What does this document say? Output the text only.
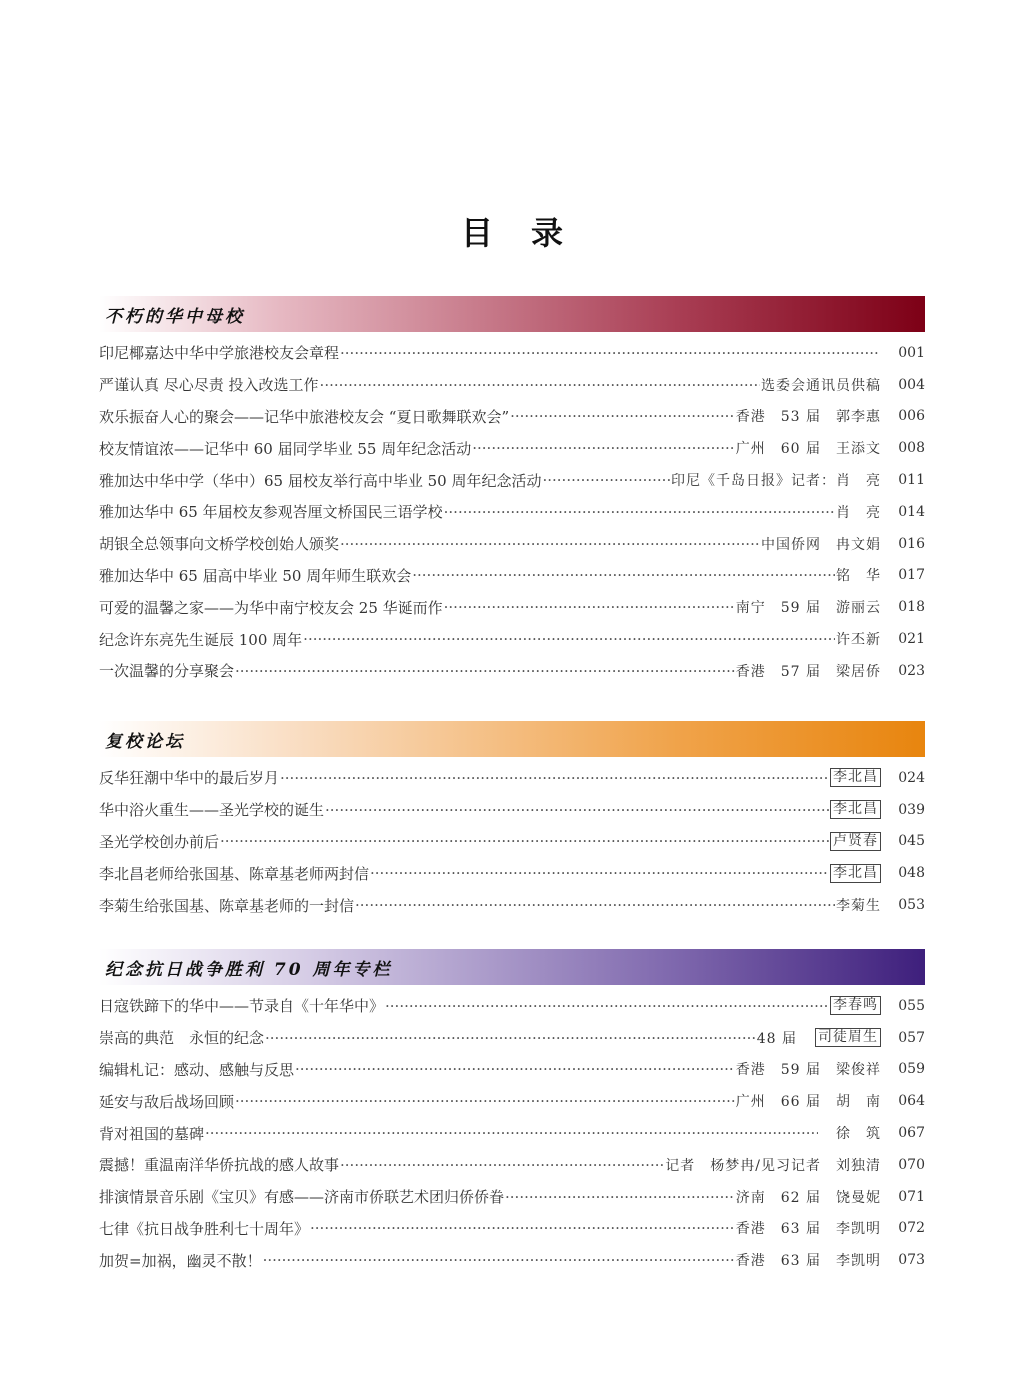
目录
不朽的华中母校
印尼椰嘉达中华中学旅港校友会章程 ·····	001
严谨认真 尽心尽责 投入改选工作 ·····	选委会通讯员供稿	004
欢乐振奋人心的聚会——记华中旅港校友会 “夏日歌舞联欢会” ·····	香港　53 届　郭李惠	006
校友情谊浓——记华中 60 届同学毕业 55 周年纪念活动 ·····	广州　60 届　王添文	008
雅加达中华中学（华中）65 届校友举行高中毕业 50 周年纪念活动 ·····	印尼《千岛日报》记者：肖　亮	011
雅加达华中 65 年届校友参观峇厘文桥国民三语学校 ·····	肖　亮	014
胡银全总领事向文桥学校创始人颁奖 ·····	中国侨网　冉文娟	016
雅加达华中 65 届高中毕业 50 周年师生联欢会 ·····	铭　华	017
可爱的温馨之家——为华中南宁校友会 25 华诞而作 ·····	南宁　59 届　游丽云	018
纪念许东亮先生诞辰 100 周年 ·····	许丕新	021
一次温馨的分享聚会 ·····	香港　57 届　梁居侨	023
复校论坛
反华狂潮中华中的最后岁月 ·····	李北昌	024
华中浴火重生——圣光学校的诞生 ·····	李北昌	039
圣光学校创办前后 ·····	卢贤春	045
李北昌老师给张国基、陈章基老师两封信 ·····	李北昌	048
李菊生给张国基、陈章基老师的一封信 ·····	李菊生	053
纪念抗日战争胜利 70 周年专栏
日寇铁蹄下的华中——节录自《十年华中》 ·····	李春鸣	055
崇高的典范　永恒的纪念 ·····	48 届 司徒眉生	057
编辑札记：感动、感触与反思 ·····	香港　59 届　梁俊祥	059
延安与敌后战场回顾 ·····	广州　66 届　胡　南	064
背对祖国的墓碑 ·····	徐　筑	067
震撼！重温南洋华侨抗战的感人故事 ·····	记者　杨梦冉/见习记者　刘独清	070
排演情景音乐剧《宝贝》有感——济南市侨联艺术团归侨侨眷 ·····	济南　62 届　饶曼妮	071
七律《抗日战争胜利七十周年》 ·····	香港　63 届　李凯明	072
加贺=加祸，幽灵不散！ ·····	香港　63 届　李凯明	073
